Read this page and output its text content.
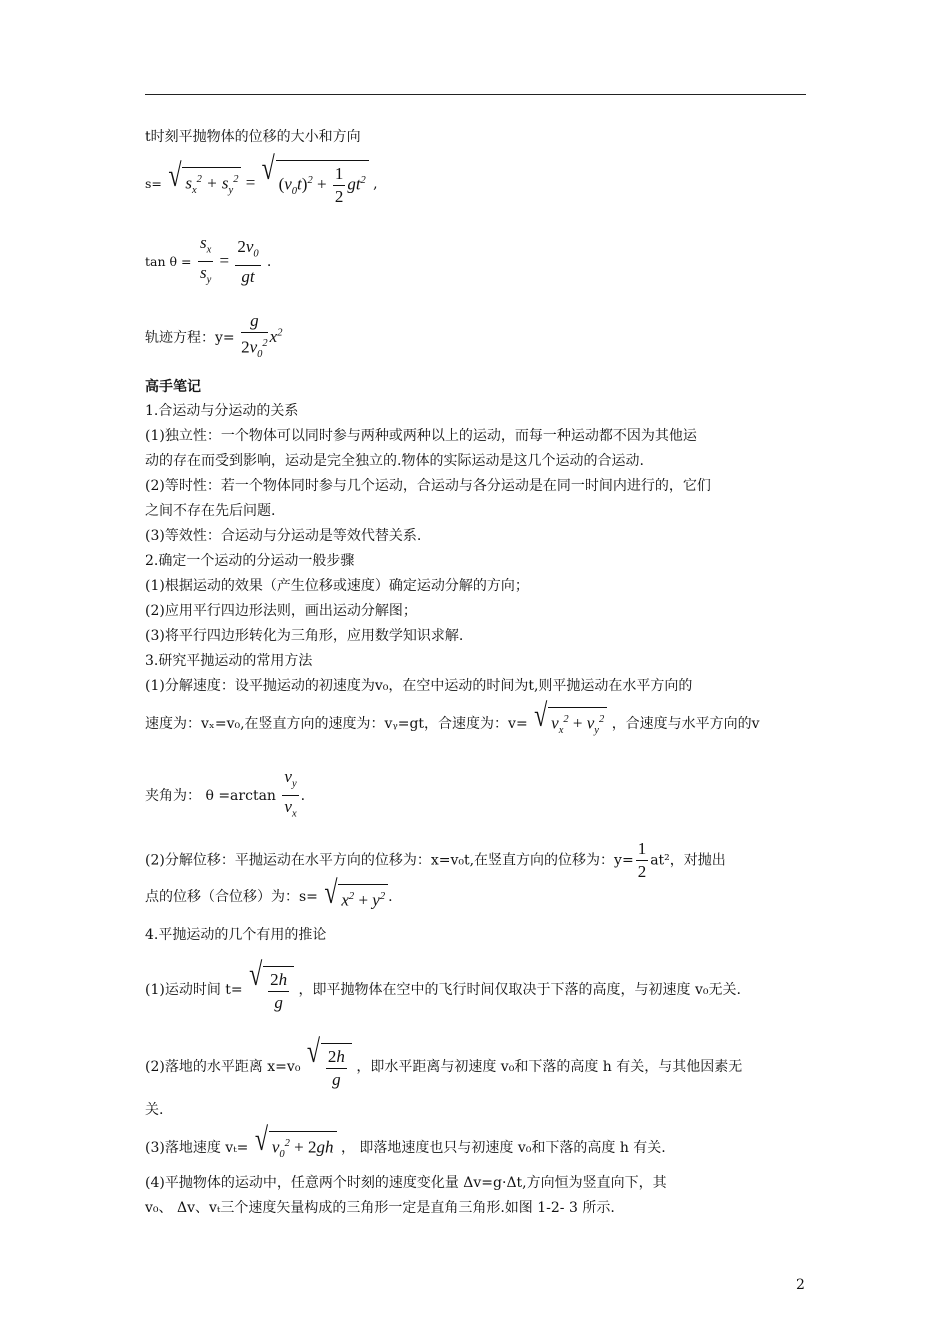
t时刻平抛物体的位移的大小和方向
s= √ $s_x^2 + s_y^2$ = √ $(v_0t)^2 + \frac{1}{2} gt^2$ ,
$\tan \theta = \frac{s_x}{s_y} = \frac{2v_0}{gt}$ .
轨迹方程：$y= \frac{g}{2v_0^2} x^2$
高手笔记
1.合运动与分运动的关系
(1)独立性：一个物体可以同时参与两种或两种以上的运动，而每一种运动都不因为其他运
动的存在而受到影响，运动是完全独立的.物体的实际运动是这几个运动的合运动.
(2)等时性：若一个物体同时参与几个运动，合运动与各分运动是在同一时间内进行的，它们
之间不存在先后问题.
(3)等效性：合运动与分运动是等效代替关系.
2.确定一个运动的分运动一般步骤
(1)根据运动的效果（产生位移或速度）确定运动分解的方向；
(2)应用平行四边形法则，画出运动分解图；
(3)将平行四边形转化为三角形，应用数学知识求解.
3.研究平抛运动的常用方法
(1)分解速度：设平抛运动的初速度为v₀，在空中运动的时间为t,则平抛运动在水平方向的
速度为：vₓ=v₀,在竖直方向的速度为：vᵧ=gt，合速度为：v= √ $v_x^2 + v_y^2$ ，合速度与水平方向的v
夹角为： $\theta =\arctan \frac{v_y}{v_x}$ .
(2)分解位移：平抛运动在水平方向的位移为：x=v₀t,在竖直方向的位移为：$y= \frac{1}{2} at^2$，对抛出
点的位移（合位移）为：s= √ $x^2 + y^2$ .
4.平抛运动的几个有用的推论
(1)运动时间 t= √ $\frac{2h}{g}$ ，即平抛物体在空中的飞行时间仅取决于下落的高度，与初速度 v₀无关.
(2)落地的水平距离 x=v₀ √ $\frac{2h}{g}$ ，即水平距离与初速度 v₀和下落的高度 h 有关，与其他因素无
关.
(3)落地速度 vₜ= √ $v_0^2 + 2gh$ ， 即落地速度也只与初速度 v₀和下落的高度 h 有关.
(4)平抛物体的运动中，任意两个时刻的速度变化量 Δv=g·Δt,方向恒为竖直向下，其
v₀、 Δv、vₜ三个速度矢量构成的三角形一定是直角三角形.如图 1-2- 3 所示.
2
